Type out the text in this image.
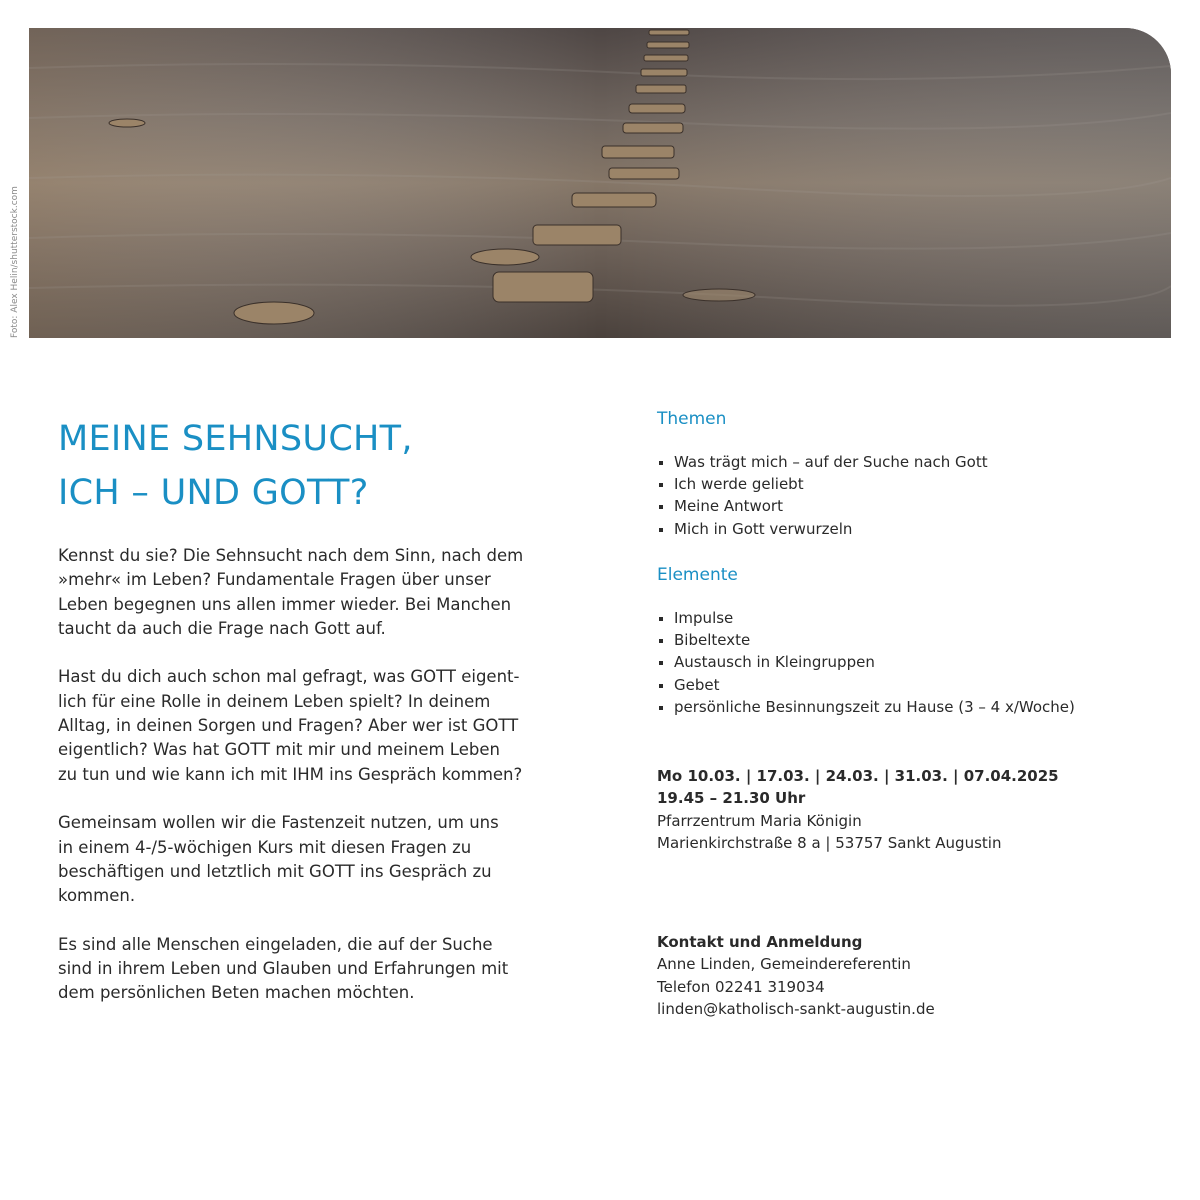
Foto: Alex Helin/shutterstock.com
MEINE SEHNSUCHT,
ICH – UND GOTT?

Kennst du sie? Die Sehnsucht nach dem Sinn, nach dem
»mehr« im Leben? Fundamentale Fragen über unser
Leben begegnen uns allen immer wieder. Bei Manchen
taucht da auch die Frage nach Gott auf.

Hast du dich auch schon mal gefragt, was GOTT eigent-
lich für eine Rolle in deinem Leben spielt? In deinem
Alltag, in deinen Sorgen und Fragen? Aber wer ist GOTT
eigentlich? Was hat GOTT mit mir und meinem Leben
zu tun und wie kann ich mit IHM ins Gespräch kommen?

Gemeinsam wollen wir die Fastenzeit nutzen, um uns
in einem 4-/5-wöchigen Kurs mit diesen Fragen zu
beschäftigen und letztlich mit GOTT ins Gespräch zu
kommen.

Es sind alle Menschen eingeladen, die auf der Suche
sind in ihrem Leben und Glauben und Erfahrungen mit
dem persönlichen Beten machen möchten.

Themen
Was trägt mich – auf der Suche nach Gott
Ich werde geliebt
Meine Antwort
Mich in Gott verwurzeln
Elemente
Impulse
Bibeltexte
Austausch in Kleingruppen
Gebet
persönliche Besinnungszeit zu Hause (3 – 4 x/Woche)
Mo 10.03. | 17.03. | 24.03. | 31.03. | 07.04.2025
19.45 – 21.30 Uhr
Pfarrzentrum Maria Königin
Marienkirchstraße 8 a | 53757 Sankt Augustin
Kontakt und Anmeldung
Anne Linden, Gemeindereferentin
Telefon 02241 319034
linden@katholisch-sankt-augustin.de
